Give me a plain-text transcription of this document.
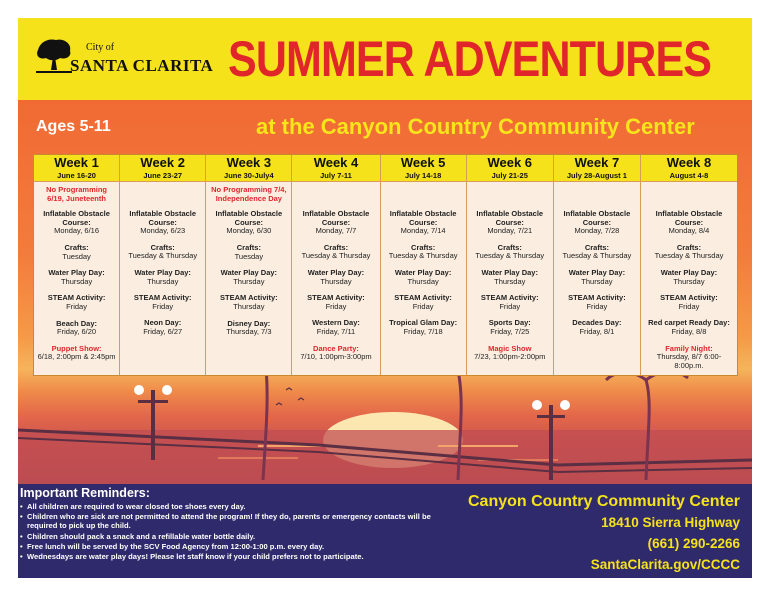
City of
SANTA CLARITA SUMMER ADVENTURES
Ages 5-11	at the Canyon Country Community Center
Week 1
June 16-20
No Programming 6/19, Juneteenth
Inflatable Obstacle Course:
Monday, 6/16
Crafts:
Tuesday
Water Play Day:
Thursday
STEAM Activity:
Friday
Beach Day:
Friday, 6/20
Puppet Show:
6/18, 2:00pm & 2:45pm
Week 2
June 23-27
Inflatable Obstacle Course:
Monday, 6/23
Crafts:
Tuesday & Thursday
Water Play Day:
Thursday
STEAM Activity:
Friday
Neon Day:
Friday, 6/27
Week 3
June 30-July4
No Programming 7/4, Independence Day
Inflatable Obstacle Course:
Monday, 6/30
Crafts:
Tuesday
Water Play Day:
Thursday
STEAM Activity:
Thursday
Disney Day:
Thursday, 7/3
Week 4
July 7-11
Inflatable Obstacle Course:
Monday, 7/7
Crafts:
Tuesday & Thursday
Water Play Day:
Thursday
STEAM Activity:
Friday
Western Day:
Friday, 7/11
Dance Party:
7/10, 1:00pm-3:00pm
Week 5
July 14-18
Inflatable Obstacle Course:
Monday, 7/14
Crafts:
Tuesday & Thursday
Water Play Day:
Thursday
STEAM Activity:
Friday
Tropical Glam Day:
Friday, 7/18
Week 6
July 21-25
Inflatable Obstacle Course:
Monday, 7/21
Crafts:
Tuesday & Thursday
Water Play Day:
Thursday
STEAM Activity:
Friday
Sports Day:
Friday, 7/25
Magic Show
7/23, 1:00pm-2:00pm
Week 7
July 28-August 1
Inflatable Obstacle Course:
Monday, 7/28
Crafts:
Tuesday & Thursday
Water Play Day:
Thursday
STEAM Activity:
Friday
Decades Day:
Friday, 8/1
Week 8
August 4-8
Inflatable Obstacle Course:
Monday, 8/4
Crafts:
Tuesday & Thursday
Water Play Day:
Thursday
STEAM Activity:
Friday
Red carpet Ready Day:
Friday, 8/8
Family Night:
Thursday, 8/7 6:00-8:00p.m.
Important Reminders:
• All children are required to wear closed toe shoes every day.
• Children who are sick are not permitted to attend the program! If they do, parents or emergency contacts will be required to pick up the child.
• Children should pack a snack and a refillable water bottle daily.
• Free lunch will be served by the SCV Food Agency from 12:00-1:00 p.m. every day.
• Wednesdays are water play days! Please let staff know if your child prefers not to participate.
Canyon Country Community Center
18410 Sierra Highway
(661) 290-2266
SantaClarita.gov/CCCC
